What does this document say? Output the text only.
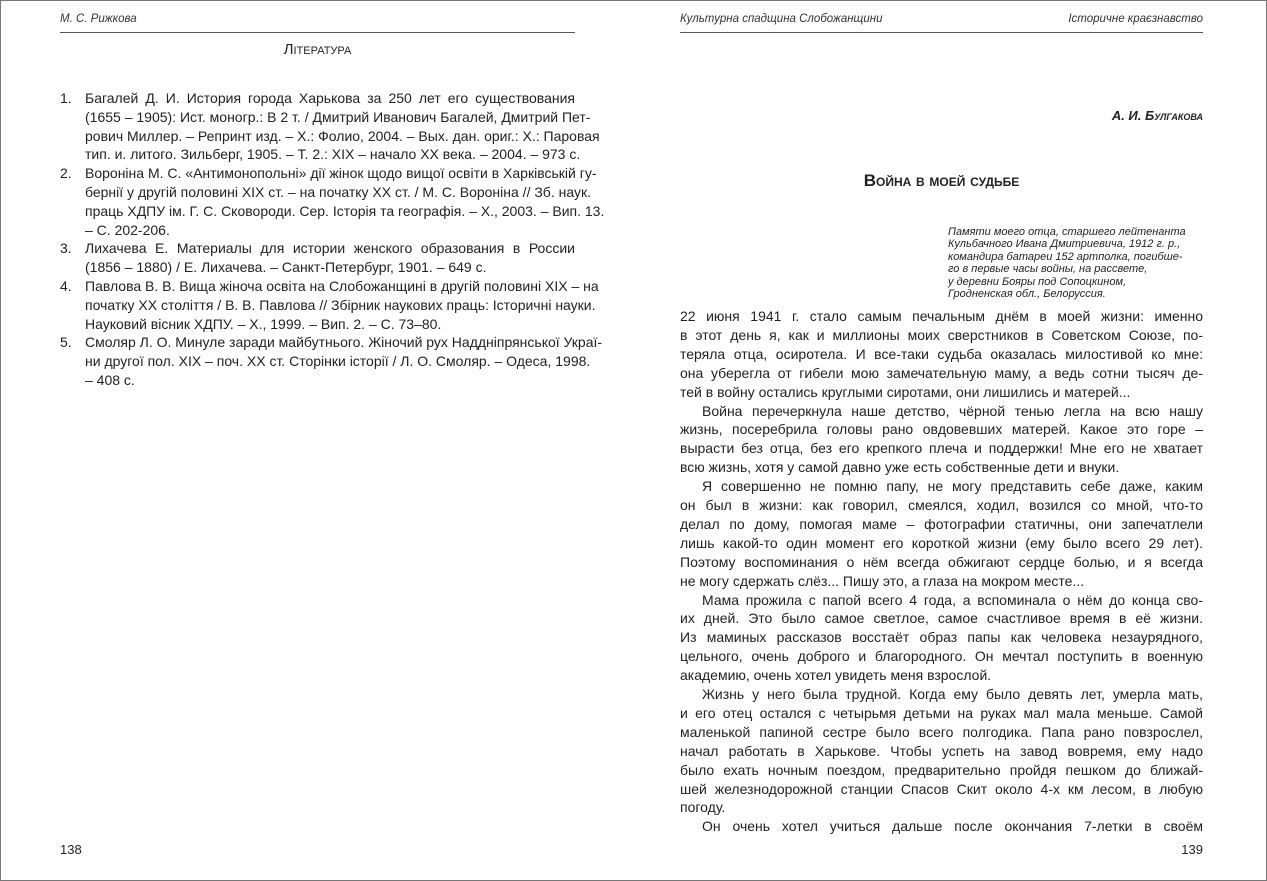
М. С. Рижкова
Література
1. Багалей Д. И. История города Харькова за 250 лет его существования
(1655 – 1905): Ист. моногр.: В 2 т. / Дмитрий Иванович Багалей, Дмитрий Пет-
рович Миллер. – Репринт изд. – Х.: Фолио, 2004. – Вых. дан. ориг.: Х.: Паровая
тип. и. литого. Зильберг, 1905. – Т. 2.: XIX – начало XX века. – 2004. – 973 с.
2. Вороніна М. С. «Антимонопольні» дії жінок щодо вищої освіти в Харківській гу-
бернії у другій половині XIX ст. – на початку XX ст. / М. С. Вороніна // Зб. наук.
праць ХДПУ ім. Г. С. Сковороди. Сер. Історія та географія. – Х., 2003. – Вип. 13.
– С. 202-206.
3. Лихачева Е. Материалы для истории женского образования в России
(1856 – 1880) / Е. Лихачева. – Санкт-Петербург, 1901. – 649 с.
4. Павлова В. В. Вища жіноча освіта на Слобожанщині в другій половині XIX – на
початку XX століття / В. В. Павлова // Збірник наукових праць: Історичні науки.
Науковий вісник ХДПУ. – Х., 1999. – Вип. 2. – С. 73–80.
5. Смоляр Л. О. Минуле заради майбутнього. Жіночий рух Наддніпрянської Украї-
ни другої пол. XIX – поч. XX ст. Сторінки історії / Л. О. Смоляр. – Одеса, 1998.
– 408 с.
138
Культурна спадщина Слобожанщини	Історичне краєзнавство
А. И. Булгакова
Война в моей судьбе
Памяти моего отца, старшего лейтенанта
Кульбачного Ивана Дмитриевича, 1912 г. р.,
командира батареи 152 артполка, погибше-
го в первые часы войны, на рассвете,
у деревни Бояры под Сопоцкином,
Гродненская обл., Белоруссия.
22 июня 1941 г. стало самым печальным днём в моей жизни: именно
в этот день я, как и миллионы моих сверстников в Советском Союзе, по-
теряла отца, осиротела. И все-таки судьба оказалась милостивой ко мне:
она уберегла от гибели мою замечательную маму, а ведь сотни тысяч де-
тей в войну остались круглыми сиротами, они лишились и матерей...
Война перечеркнула наше детство, чёрной тенью легла на всю нашу
жизнь, посеребрила головы рано овдовевших матерей. Какое это горе –
вырасти без отца, без его крепкого плеча и поддержки! Мне его не хватает
всю жизнь, хотя у самой давно уже есть собственные дети и внуки.
Я совершенно не помню папу, не могу представить себе даже, каким
он был в жизни: как говорил, смеялся, ходил, возился со мной, что-то
делал по дому, помогая маме – фотографии статичны, они запечатлели
лишь какой-то один момент его короткой жизни (ему было всего 29 лет).
Поэтому воспоминания о нём всегда обжигают сердце болью, и я всегда
не могу сдержать слёз... Пишу это, а глаза на мокром месте...
Мама прожила с папой всего 4 года, а вспоминала о нём до конца сво-
их дней. Это было самое светлое, самое счастливое время в её жизни.
Из маминых рассказов восстаёт образ папы как человека незаурядного,
цельного, очень доброго и благородного. Он мечтал поступить в военную
академию, очень хотел увидеть меня взрослой.
Жизнь у него была трудной. Когда ему было девять лет, умерла мать,
и его отец остался с четырьмя детьми на руках мал мала меньше. Самой
маленькой папиной сестре было всего полгодика. Папа рано повзрослел,
начал работать в Харькове. Чтобы успеть на завод вовремя, ему надо
было ехать ночным поездом, предварительно пройдя пешком до ближай-
шей железнодорожной станции Спасов Скит около 4-х км лесом, в любую
погоду.
Он очень хотел учиться дальше после окончания 7-летки в своём
139
